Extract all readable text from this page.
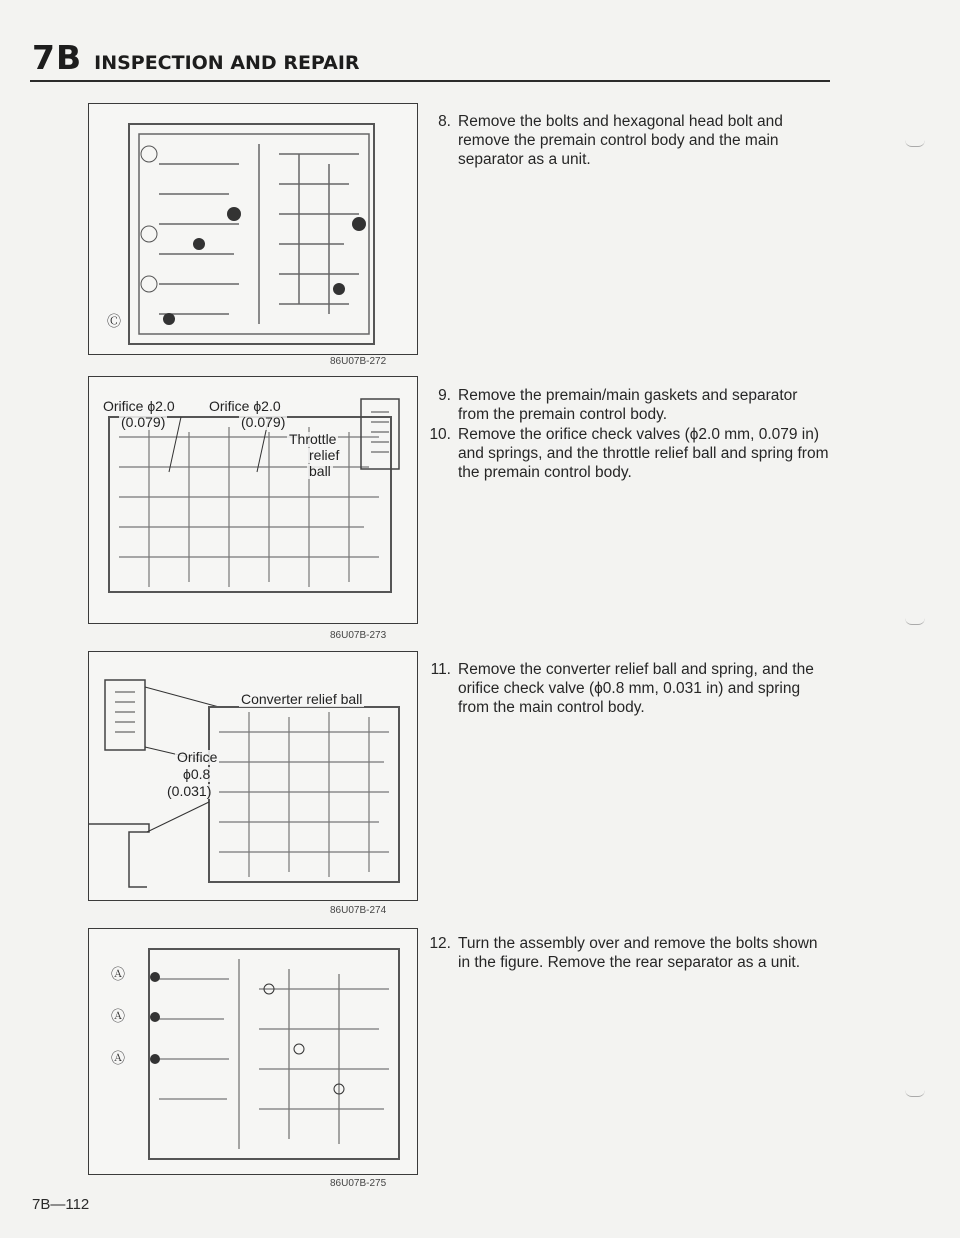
7B INSPECTION AND REPAIR
Ⓒ
86U07B-272
Orifice ϕ2.0
(0.079)
Orifice ϕ2.0
(0.079)
Throttle
relief
ball
86U07B-273
Converter relief ball
Orifice
ϕ0.8
(0.031)
86U07B-274
Ⓐ
Ⓐ
Ⓐ
86U07B-275
8. Remove the bolts and hexagonal head bolt and remove the premain control body and the main separator as a unit.
9. Remove the premain/main gaskets and separator from the premain control body.
10. Remove the orifice check valves (ϕ2.0 mm, 0.079 in) and springs, and the throttle relief ball and spring from the premain control body.
11. Remove the converter relief ball and spring, and the orifice check valve (ϕ0.8 mm, 0.031 in) and spring from the main control body.
12. Turn the assembly over and remove the bolts shown in the figure. Remove the rear separator as a unit.
7B—112
